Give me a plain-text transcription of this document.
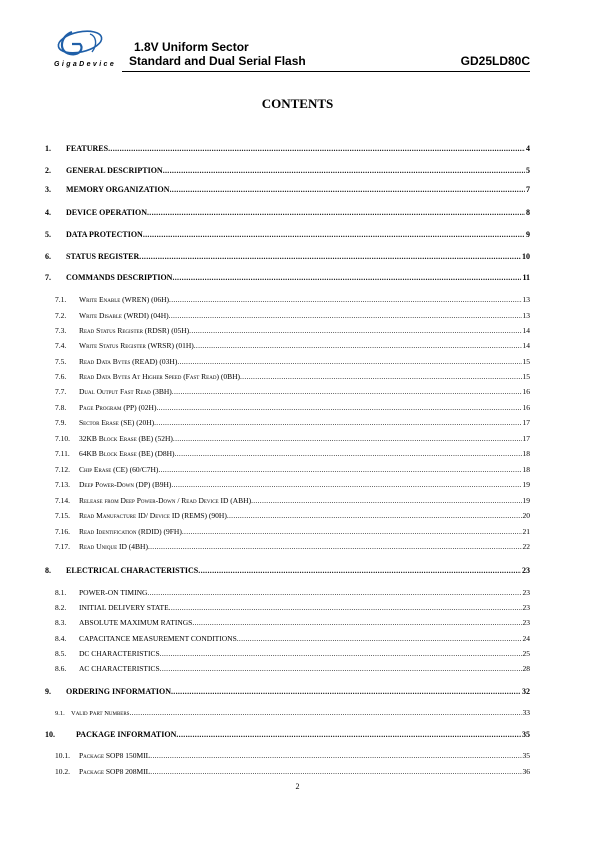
GigaDevice
1.8V Uniform Sector
Standard and Dual Serial Flash	GD25LD80C
CONTENTS
1.	FEATURES .....	4
2.	GENERAL DESCRIPTION .....	5
3.	MEMORY ORGANIZATION .....	7
4.	DEVICE OPERATION .....	8
5.	DATA PROTECTION .....	9
6.	STATUS REGISTER .....	10
7.	COMMANDS DESCRIPTION .....	11
7.1.	Write Enable (WREN) (06H) .....	13
7.2.	Write Disable (WRDI) (04H) .....	13
7.3.	Read Status Register (RDSR) (05H) .....	14
7.4.	Write Status Register (WRSR) (01H) .....	14
7.5.	Read Data Bytes (READ) (03H) .....	15
7.6.	Read Data Bytes At Higher Speed (Fast Read) (0BH) .....	15
7.7.	Dual Output Fast Read (3BH) .....	16
7.8.	Page Program (PP) (02H) .....	16
7.9.	Sector Erase (SE) (20H) .....	17
7.10.	32KB Block Erase (BE) (52H) .....	17
7.11.	64KB Block Erase (BE) (D8H) .....	18
7.12.	Chip Erase (CE) (60/C7H) .....	18
7.13.	Deep Power-Down (DP) (B9H) .....	19
7.14.	Release from Deep Power-Down / Read Device ID (ABH) .....	19
7.15.	Read Manufacture ID/ Device ID (REMS) (90H) .....	20
7.16.	Read Identification (RDID) (9FH) .....	21
7.17.	Read Unique ID (4BH) .....	22
8.	ELECTRICAL CHARACTERISTICS .....	23
8.1.	POWER-ON TIMING .....	23
8.2.	INITIAL DELIVERY STATE .....	23
8.3.	ABSOLUTE MAXIMUM RATINGS .....	23
8.4.	CAPACITANCE MEASUREMENT CONDITIONS .....	24
8.5.	DC CHARACTERISTICS .....	25
8.6.	AC CHARACTERISTICS .....	28
9.	ORDERING INFORMATION .....	32
9.1. Valid Part Numbers .....	33
10.	PACKAGE INFORMATION .....	35
10.1.	Package SOP8 150MIL .....	35
10.2.	Package SOP8 208MIL .....	36
2
